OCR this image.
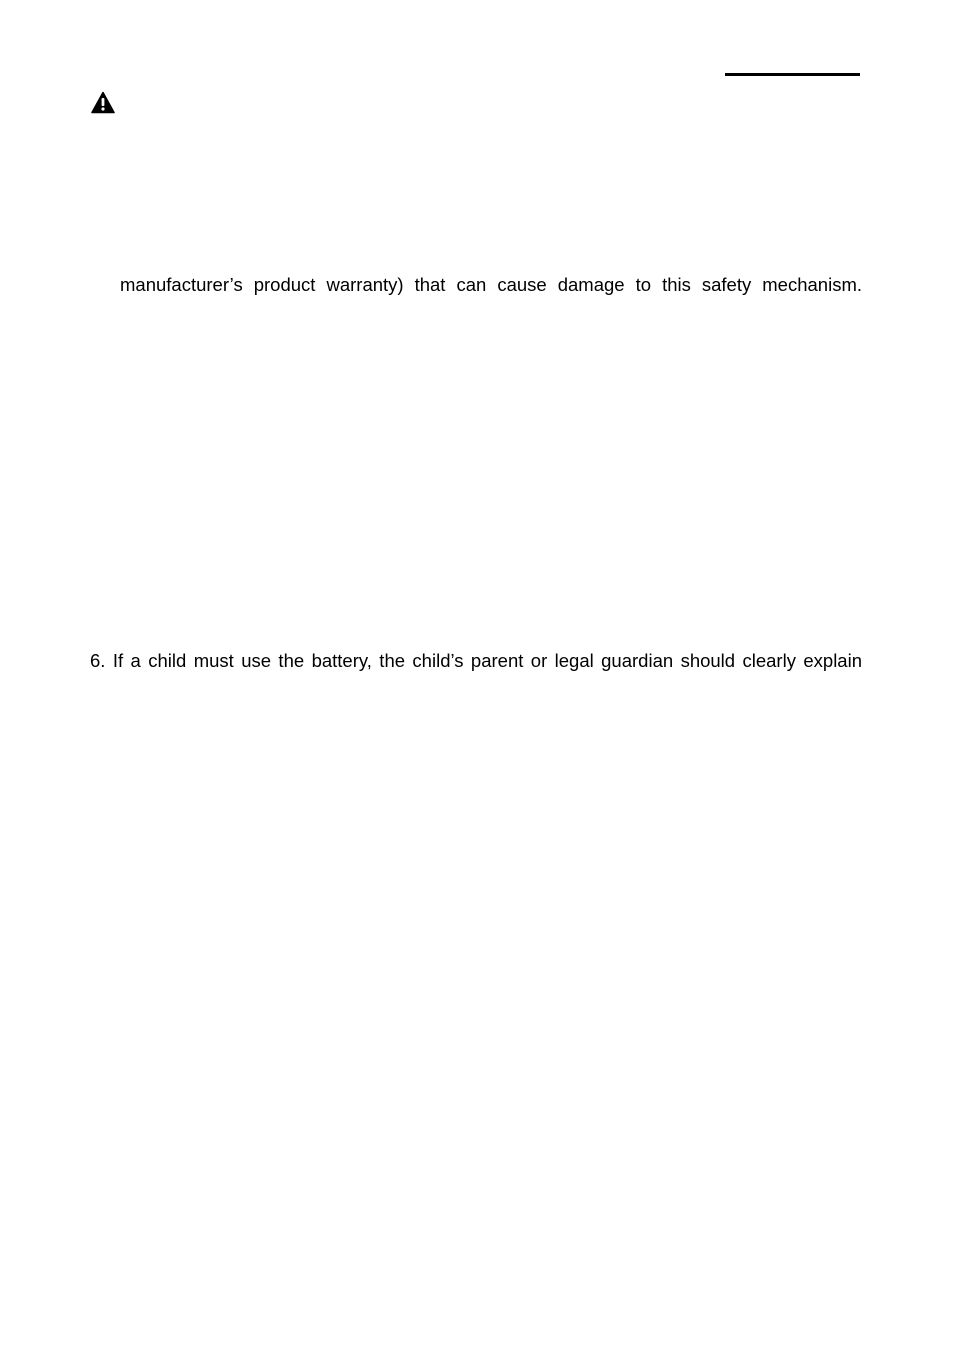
manufacturer’s product warranty) that can cause damage to this safety mechanism.
6. If a child must use the battery, the child’s parent or legal guardian should clearly explain
